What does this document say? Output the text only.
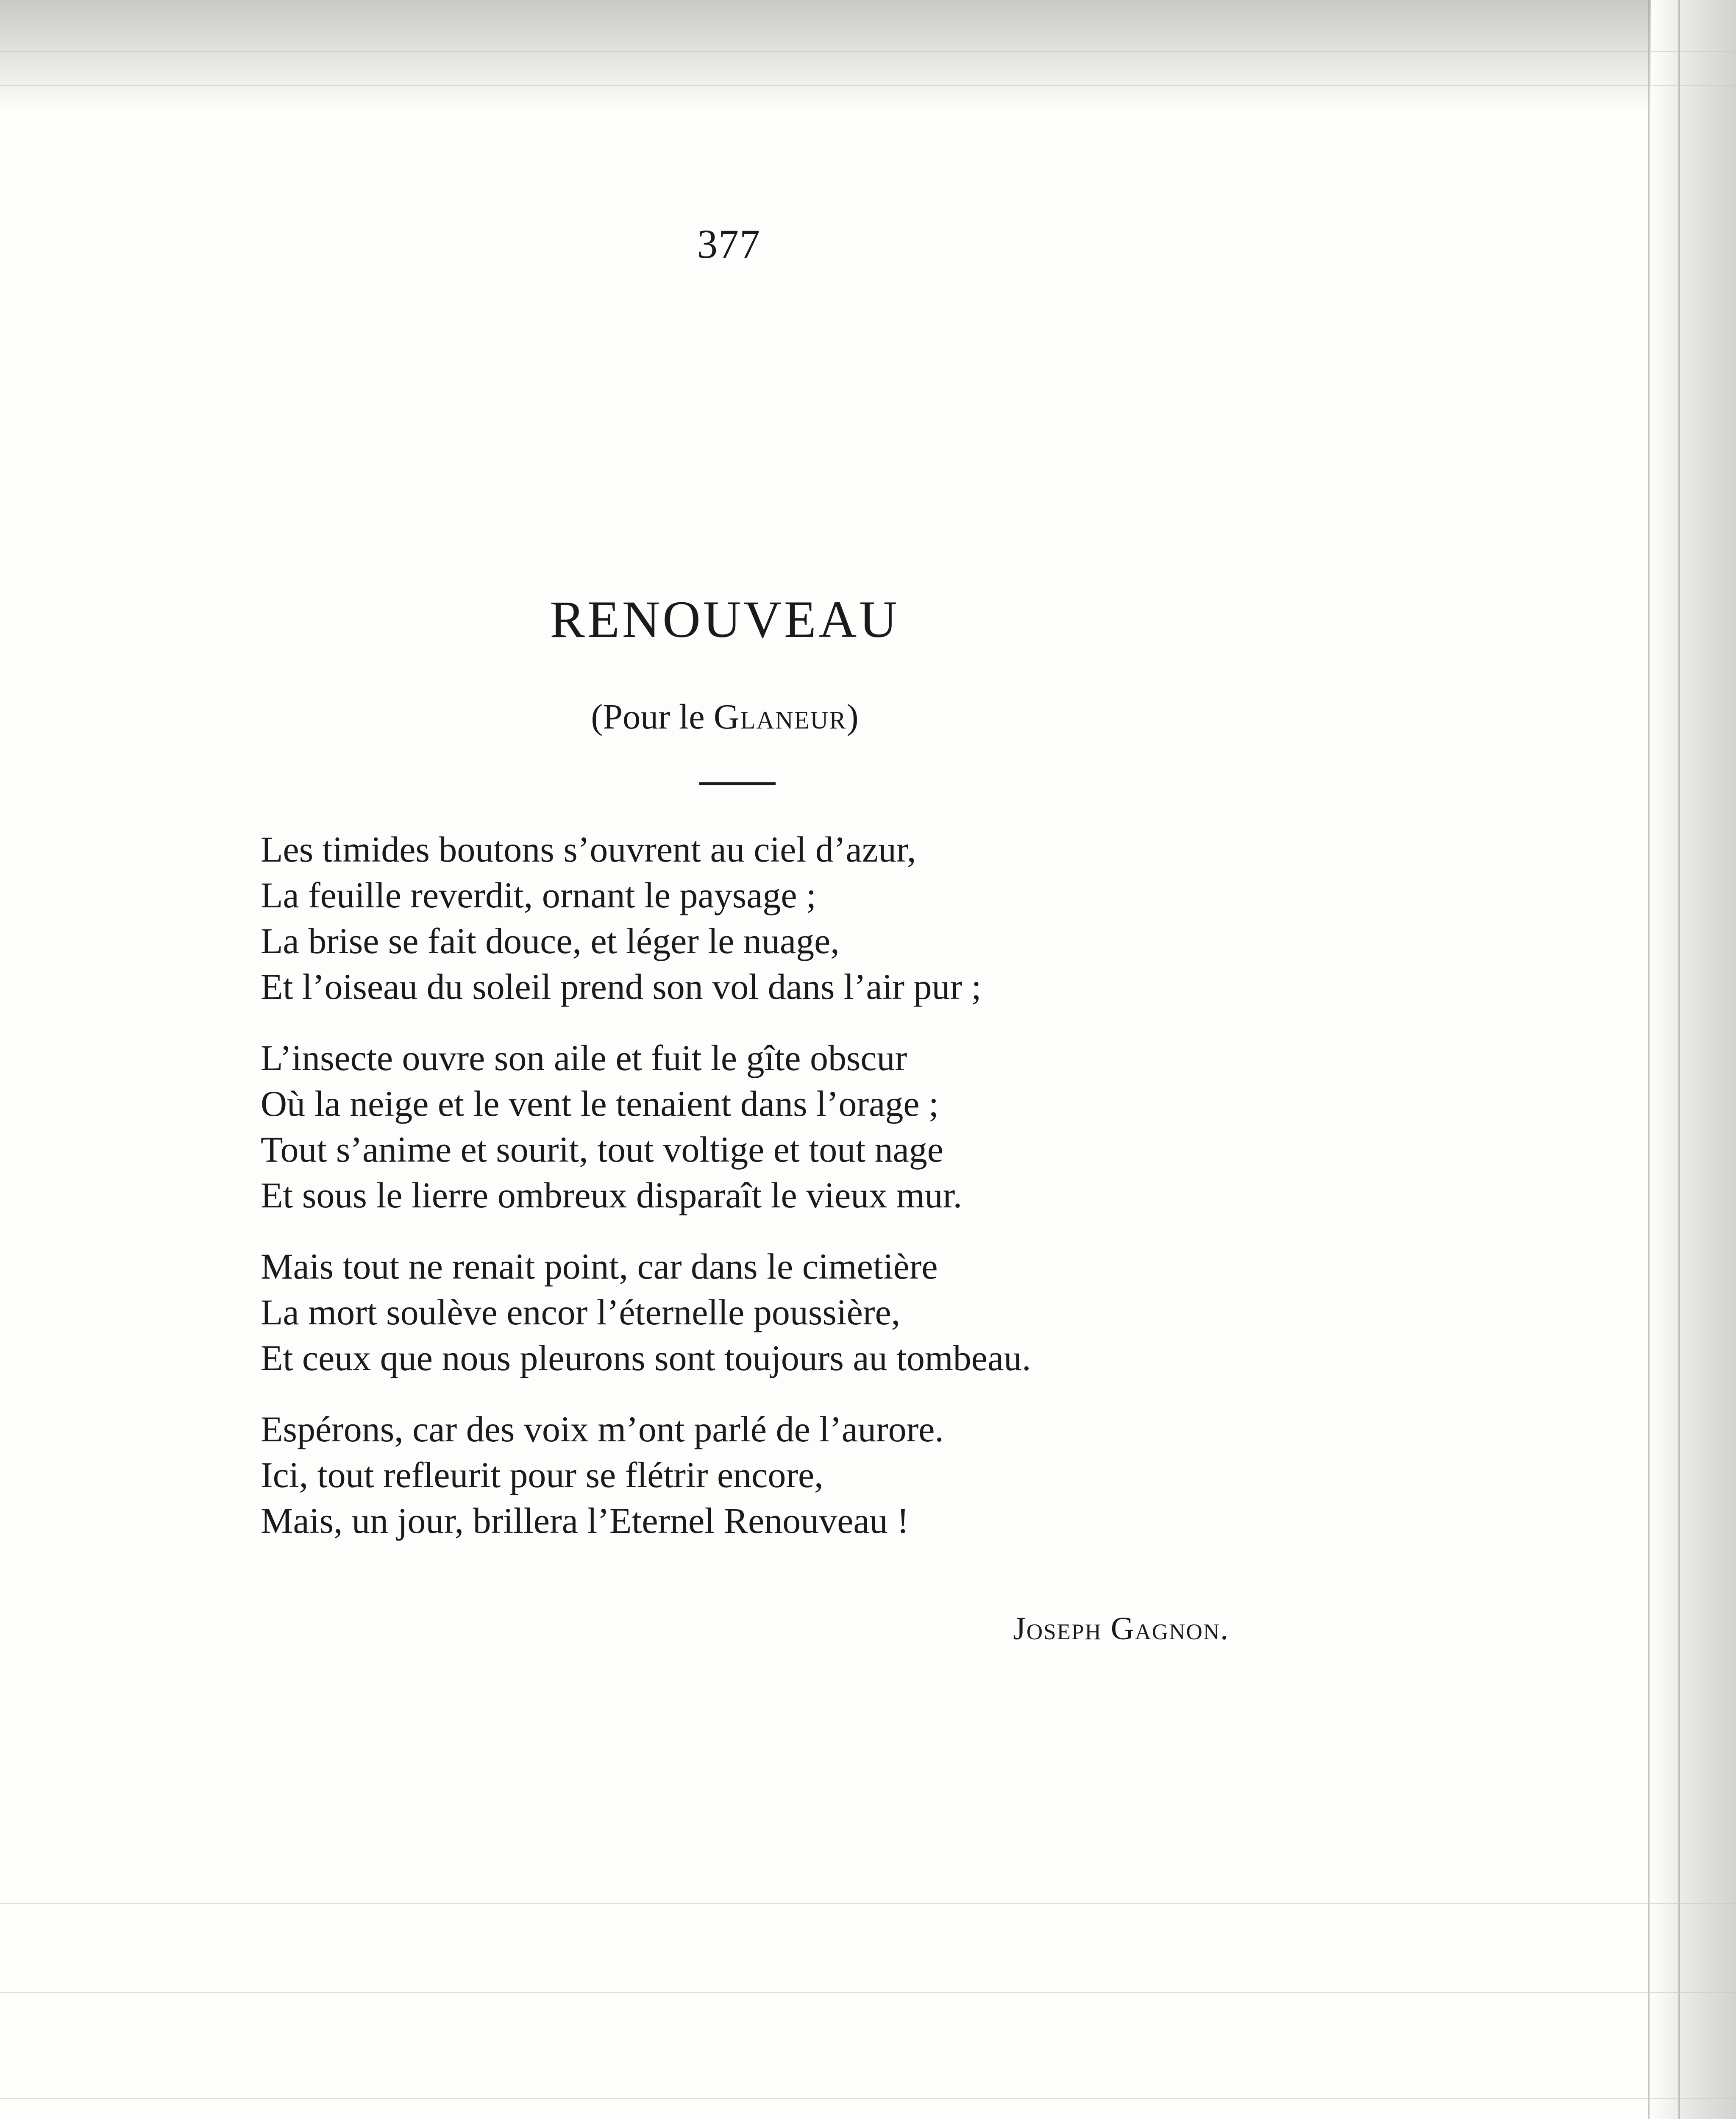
377
RENOUVEAU
(Pour le Glaneur)
Les timides boutons s’ouvrent au ciel d’azur,
La feuille reverdit, ornant le paysage ;
La brise se fait douce, et léger le nuage,
Et l’oiseau du soleil prend son vol dans l’air pur ;
L’insecte ouvre son aile et fuit le gîte obscur
Où la neige et le vent le tenaient dans l’orage ;
Tout s’anime et sourit, tout voltige et tout nage
Et sous le lierre ombreux disparaît le vieux mur.
Mais tout ne renait point, car dans le cimetière
La mort soulève encor l’éternelle poussière,
Et ceux que nous pleurons sont toujours au tombeau.
Espérons, car des voix m’ont parlé de l’aurore.
Ici, tout refleurit pour se flétrir encore,
Mais, un jour, brillera l’Eternel Renouveau !
Joseph Gagnon.
